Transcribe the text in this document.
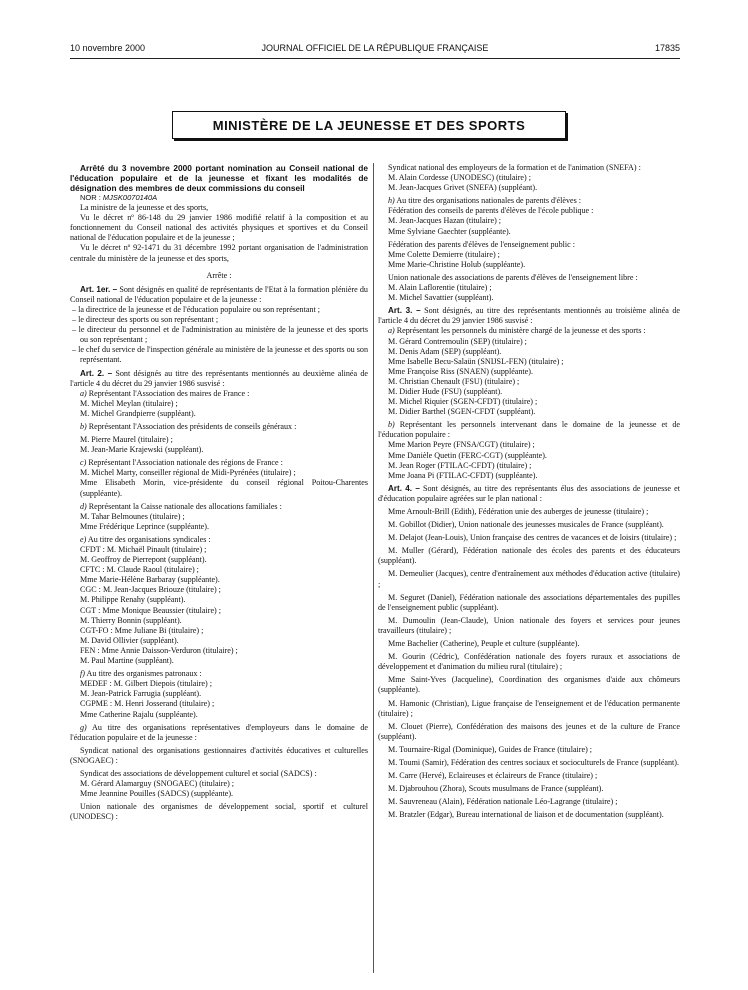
10 novembre 2000	JOURNAL OFFICIEL DE LA RÉPUBLIQUE FRANÇAISE	17835
MINISTÈRE DE LA JEUNESSE ET DES SPORTS

Arrêté du 3 novembre 2000 portant nomination au Conseil national de l'éducation populaire et de la jeunesse et fixant les modalités de désignation des membres de deux commissions du conseil

NOR : MJSK0070140A

La ministre de la jeunesse et des sports,

Vu le décret nº 86-148 du 29 janvier 1986 modifié relatif à la composition et au fonctionnement du Conseil national des activités physiques et sportives et du Conseil national de l'éducation populaire et de la jeunesse ;

Vu le décret nº 92-1471 du 31 décembre 1992 portant organisation de l'administration centrale du ministère de la jeunesse et des sports,

Arrête :

Art. 1er. – Sont désignés en qualité de représentants de l'Etat à la formation plénière du Conseil national de l'éducation populaire et de la jeunesse :

– la directrice de la jeunesse et de l'éducation populaire ou son représentant ;
– le directeur des sports ou son représentant ;
– le directeur du personnel et de l'administration au ministère de la jeunesse et des sports ou son représentant ;
– le chef du service de l'inspection générale au ministère de la jeunesse et des sports ou son représentant.

Art. 2. – Sont désignés au titre des représentants mentionnés au deuxième alinéa de l'article 4 du décret du 29 janvier 1986 susvisé :

a) Représentant l'Association des maires de France :

M. Michel Meylan (titulaire) ;

M. Michel Grandpierre (suppléant).

b) Représentant l'Association des présidents de conseils généraux :

M. Pierre Maurel (titulaire) ;

M. Jean-Marie Krajewski (suppléant).

c) Représentant l'Association nationale des régions de France :

M. Michel Marty, conseiller régional de Midi-Pyrénées (titulaire) ;

Mme Elisabeth Morin, vice-présidente du conseil régional Poitou-Charentes (suppléante).

d) Représentant la Caisse nationale des allocations familiales :

M. Tahar Belmounes (titulaire) ;

Mme Frédérique Leprince (suppléante).

e) Au titre des organisations syndicales :

CFDT : M. Michaël Pinault (titulaire) ;

M. Geoffroy de Pierrepont (suppléant).

CFTC : M. Claude Raoul (titulaire) ;

Mme Marie-Hélène Barbaray (suppléante).

CGC : M. Jean-Jacques Briouze (titulaire) ;

M. Philippe Renahy (suppléant).

CGT : Mme Monique Beaussier (titulaire) ;

M. Thierry Bonnin (suppléant).

CGT-FO : Mme Juliane Bi (titulaire) ;

M. David Ollivier (suppléant).

FEN : Mme Annie Daisson-Verduron (titulaire) ;

M. Paul Martine (suppléant).

f) Au titre des organismes patronaux :

MEDEF : M. Gilbert Diepois (titulaire) ;

M. Jean-Patrick Farrugia (suppléant).

CGPME : M. Henri Josserand (titulaire) ;

Mme Catherine Rajalu (suppléante).

g) Au titre des organisations représentatives d'employeurs dans le domaine de l'éducation populaire et de la jeunesse :

Syndicat national des organisations gestionnaires d'activités éducatives et culturelles (SNOGAEC) :

Syndicat des associations de développement culturel et social (SADCS) :

M. Gérard Alamarguy (SNOGAEC) (titulaire) ;

Mme Jeannine Pouilles (SADCS) (suppléante).

Union nationale des organismes de développement social, sportif et culturel (UNODESC) :

Syndicat national des employeurs de la formation et de l'animation (SNEFA) :

M. Alain Cordesse (UNODESC) (titulaire) ;

M. Jean-Jacques Grivet (SNEFA) (suppléant).

h) Au titre des organisations nationales de parents d'élèves :

Fédération des conseils de parents d'élèves de l'école publique :

M. Jean-Jacques Hazan (titulaire) ;

Mme Sylviane Gaechter (suppléante).

Fédération des parents d'élèves de l'enseignement public :

Mme Colette Demierre (titulaire) ;

Mme Marie-Christine Holub (suppléante).

Union nationale des associations de parents d'élèves de l'enseignement libre :

M. Alain Laflorentie (titulaire) ;

M. Michel Savattier (suppléant).

Art. 3. – Sont désignés, au titre des représentants mentionnés au troisième alinéa de l'article 4 du décret du 29 janvier 1986 susvisé :

a) Représentant les personnels du ministère chargé de la jeunesse et des sports :

M. Gérard Contremoulin (SEP) (titulaire) ;

M. Denis Adam (SEP) (suppléant).

Mme Isabelle Becu-Salaün (SNIJSL-FEN) (titulaire) ;

Mme Françoise Riss (SNAEN) (suppléante).

M. Christian Chenault (FSU) (titulaire) ;

M. Didier Hude (FSU) (suppléant).

M. Michel Riquier (SGEN-CFDT) (titulaire) ;

M. Didier Barthel (SGEN-CFDT (suppléant).

b) Représentant les personnels intervenant dans le domaine de la jeunesse et de l'éducation populaire :

Mme Marion Peyre (FNSA/CGT) (titulaire) ;

Mme Danièle Quetin (FERC-CGT) (suppléante).

M. Jean Roger (FTILAC-CFDT) (titulaire) ;

Mme Joana Pi (FTILAC-CFDT) (suppléante).

Art. 4. – Sont désignés, au titre des représentants élus des associations de jeunesse et d'éducation populaire agréées sur le plan national :

Mme Arnoult-Brill (Edith), Fédération unie des auberges de jeunesse (titulaire) ;

M. Gobillot (Didier), Union nationale des jeunesses musicales de France (suppléant).

M. Delajot (Jean-Louis), Union française des centres de vacances et de loisirs (titulaire) ;

M. Muller (Gérard), Fédération nationale des écoles des parents et des éducateurs (suppléant).

M. Demeulier (Jacques), centre d'entraînement aux méthodes d'éducation active (titulaire) ;

M. Seguret (Daniel), Fédération nationale des associations départementales des pupilles de l'enseignement public (suppléant).

M. Dumoulin (Jean-Claude), Union nationale des foyers et services pour jeunes travailleurs (titulaire) ;

Mme Bachelier (Catherine), Peuple et culture (suppléante).

M. Gourin (Cédric), Confédération nationale des foyers ruraux et associations de développement et d'animation du milieu rural (titulaire) ;

Mme Saint-Yves (Jacqueline), Coordination des organismes d'aide aux chômeurs (suppléante).

M. Hamonic (Christian), Ligue française de l'enseignement et de l'éducation permanente (titulaire) ;

M. Clouet (Pierre), Confédération des maisons des jeunes et de la culture de France (suppléant).

M. Tournaire-Rigal (Dominique), Guides de France (titulaire) ;

M. Toumi (Samir), Fédération des centres sociaux et socioculturels de France (suppléant).

M. Carre (Hervé), Eclaireuses et éclaireurs de France (titulaire) ;

M. Djabrouhou (Zhora), Scouts musulmans de France (suppléant).

M. Sauvreneau (Alain), Fédération nationale Léo-Lagrange (titulaire) ;

M. Bratzler (Edgar), Bureau international de liaison et de documentation (suppléant).
